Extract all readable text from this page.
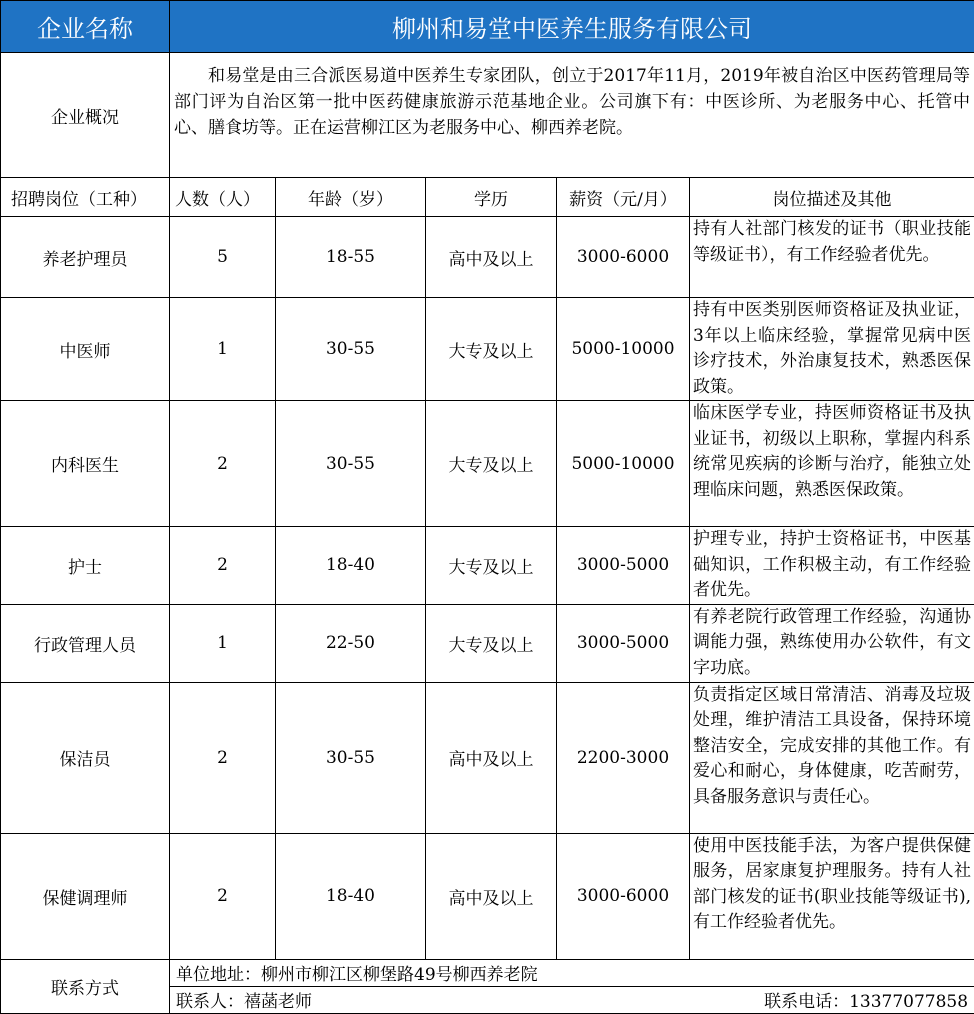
企业名称	柳州和易堂中医养生服务有限公司				
企业概况	和易堂是由三合派医易道中医养生专家团队，创立于2017年11月，2019年被自治区中医药管理局等部门评为自治区第一批中医药健康旅游示范基地企业。公司旗下有：中医诊所、为老服务中心、托管中心、膳食坊等。正在运营柳江区为老服务中心、柳西养老院。				
招聘岗位（工种）	人数（人）	年龄（岁）	学历	薪资（元/月）	岗位描述及其他
养老护理员	5	18-55	高中及以上	3000-6000	持有人社部门核发的证书（职业技能等级证书），有工作经验者优先。
中医师	1	30-55	大专及以上	5000-10000	持有中医类别医师资格证及执业证，3年以上临床经验，掌握常见病中医诊疗技术，外治康复技术，熟悉医保政策。
内科医生	2	30-55	大专及以上	5000-10000	临床医学专业，持医师资格证书及执业证书，初级以上职称，掌握内科系统常见疾病的诊断与治疗，能独立处理临床问题，熟悉医保政策。
护士	2	18-40	大专及以上	3000-5000	护理专业，持护士资格证书，中医基础知识，工作积极主动，有工作经验者优先。
行政管理人员	1	22-50	大专及以上	3000-5000	有养老院行政管理工作经验，沟通协调能力强，熟练使用办公软件，有文字功底。
保洁员	2	30-55	高中及以上	2200-3000	负责指定区域日常清洁、消毒及垃圾处理，维护清洁工具设备，保持环境整洁安全，完成安排的其他工作。有爱心和耐心，身体健康，吃苦耐劳，具备服务意识与责任心。
保健调理师	2	18-40	高中及以上	3000-6000	使用中医技能手法，为客户提供保健服务，居家康复护理服务。持有人社部门核发的证书(职业技能等级证书),有工作经验者优先。
联系方式	单位地址：柳州市柳江区柳堡路49号柳西养老院				
	联系人：禧菡老师 联系电话：13377077858				
